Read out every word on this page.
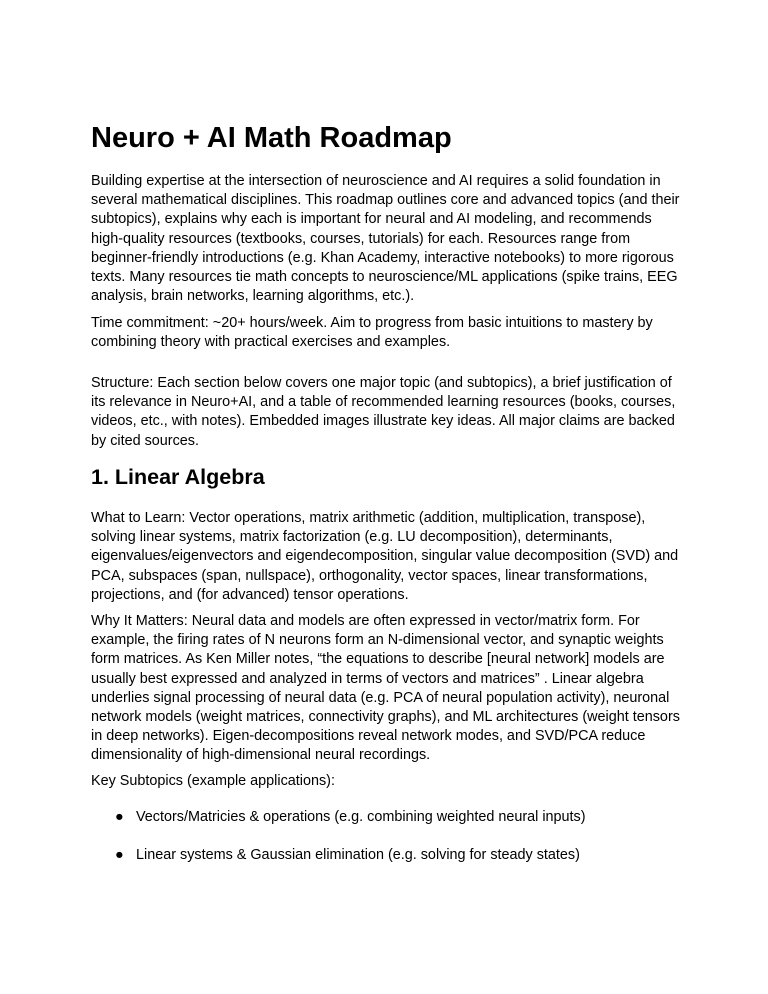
Neuro + AI Math Roadmap

Building expertise at the intersection of neuroscience and AI requires a solid foundation in several mathematical disciplines. This roadmap outlines core and advanced topics (and their subtopics), explains why each is important for neural and AI modeling, and recommends high-quality resources (textbooks, courses, tutorials) for each. Resources range from beginner-friendly introductions (e.g. Khan Academy, interactive notebooks) to more rigorous texts. Many resources tie math concepts to neuroscience/ML applications (spike trains, EEG analysis, brain networks, learning algorithms, etc.).

Time commitment: ~20+ hours/week. Aim to progress from basic intuitions to mastery by combining theory with practical exercises and examples.

Structure: Each section below covers one major topic (and subtopics), a brief justification of its relevance in Neuro+AI, and a table of recommended learning resources (books, courses, videos, etc., with notes). Embedded images illustrate key ideas. All major claims are backed by cited sources.

1. Linear Algebra

What to Learn: Vector operations, matrix arithmetic (addition, multiplication, transpose), solving linear systems, matrix factorization (e.g. LU decomposition), determinants, eigenvalues/eigenvectors and eigendecomposition, singular value decomposition (SVD) and PCA, subspaces (span, nullspace), orthogonality, vector spaces, linear transformations, projections, and (for advanced) tensor operations.

Why It Matters: Neural data and models are often expressed in vector/matrix form. For example, the firing rates of N neurons form an N-dimensional vector, and synaptic weights form matrices. As Ken Miller notes, “the equations to describe [neural network] models are usually best expressed and analyzed in terms of vectors and matrices” . Linear algebra underlies signal processing of neural data (e.g. PCA of neural population activity), neuronal network models (weight matrices, connectivity graphs), and ML architectures (weight tensors in deep networks). Eigen-decompositions reveal network modes, and SVD/PCA reduce dimensionality of high-dimensional neural recordings.

Key Subtopics (example applications):

● Vectors/Matricies & operations (e.g. combining weighted neural inputs)
● Linear systems & Gaussian elimination (e.g. solving for steady states)
